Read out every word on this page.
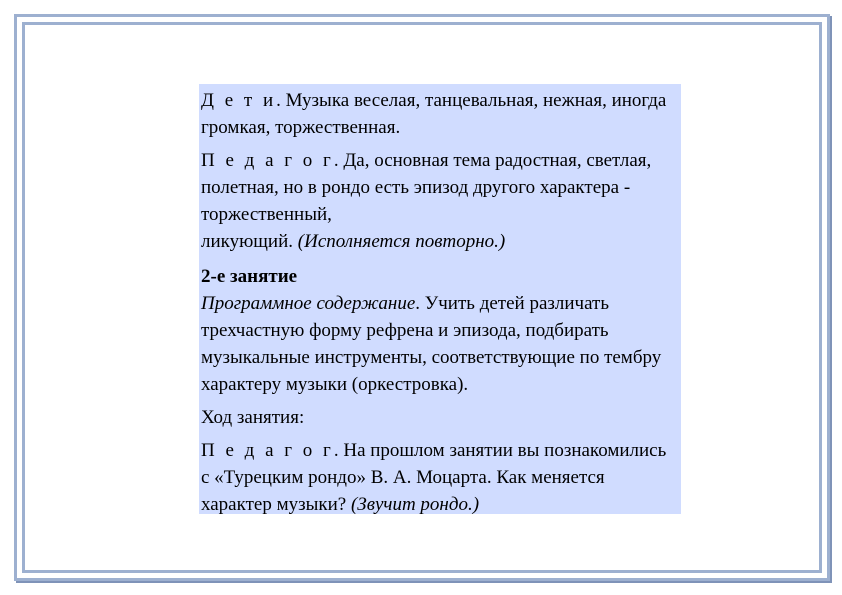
Д е т и. Музыка веселая, танцевальная, нежная, иногда громкая, торжественная.

П е д а г о г. Да, основная тема радостная, светлая, полетная, но в рондо есть эпизод другого характера - торжественный,
ликующий. (Исполняется повторно.)

2-е занятие
Программное содержание. Учить детей различать трехчастную форму рефрена и эпизода, подбирать музыкальные инструменты, соответствующие по тембру характеру музыки (оркестровка).

Ход занятия:

П е д а г о г. На прошлом занятии вы познакомились с «Турецким рондо» В. А. Моцарта. Как меняется характер музыки? (Звучит рондо.)
